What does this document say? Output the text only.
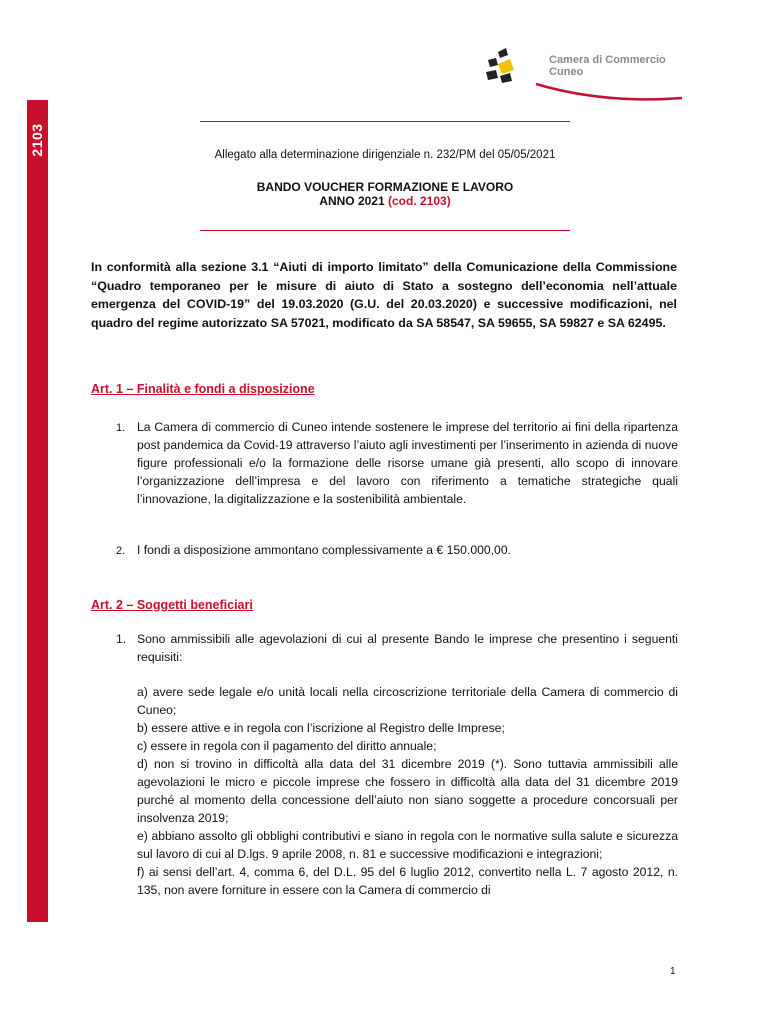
2103
Camera di Commercio
Cuneo
Allegato alla determinazione dirigenziale n. 232/PM del 05/05/2021
BANDO VOUCHER FORMAZIONE E LAVORO
ANNO 2021 (cod. 2103)
In conformità alla sezione 3.1 “Aiuti di importo limitato” della Comunicazione della Commissione “Quadro temporaneo per le misure di aiuto di Stato a sostegno dell’economia nell’attuale emergenza del COVID-19” del 19.03.2020 (G.U. del 20.03.2020) e successive modificazioni, nel quadro del regime autorizzato SA 57021, modificato da SA 58547, SA 59655, SA 59827 e SA 62495.
Art. 1 – Finalità e fondi a disposizione
1. La Camera di commercio di Cuneo intende sostenere le imprese del territorio ai fini della ripartenza post pandemica da Covid-19 attraverso l’aiuto agli investimenti per l’inserimento in azienda di nuove figure professionali e/o la formazione delle risorse umane già presenti, allo scopo di innovare l’organizzazione dell’impresa e del lavoro con riferimento a tematiche strategiche quali l’innovazione, la digitalizzazione e la sostenibilità ambientale.
2. I fondi a disposizione ammontano complessivamente a € 150.000,00.
Art. 2 – Soggetti beneficiari
1. Sono ammissibili alle agevolazioni di cui al presente Bando le imprese che presentino i seguenti requisiti:
a) avere sede legale e/o unità locali nella circoscrizione territoriale della Camera di commercio di Cuneo;
b) essere attive e in regola con l’iscrizione al Registro delle Imprese;
c) essere in regola con il pagamento del diritto annuale;
d) non si trovino in difficoltà alla data del 31 dicembre 2019 (*). Sono tuttavia ammissibili alle agevolazioni le micro e piccole imprese che fossero in difficoltà alla data del 31 dicembre 2019 purché al momento della concessione dell’aiuto non siano soggette a procedure concorsuali per insolvenza 2019;
e) abbiano assolto gli obblighi contributivi e siano in regola con le normative sulla salute e sicurezza sul lavoro di cui al D.lgs. 9 aprile 2008, n. 81 e successive modificazioni e integrazioni;
f) ai sensi dell’art. 4, comma 6, del D.L. 95 del 6 luglio 2012, convertito nella L. 7 agosto 2012, n. 135, non avere forniture in essere con la Camera di commercio di
1
